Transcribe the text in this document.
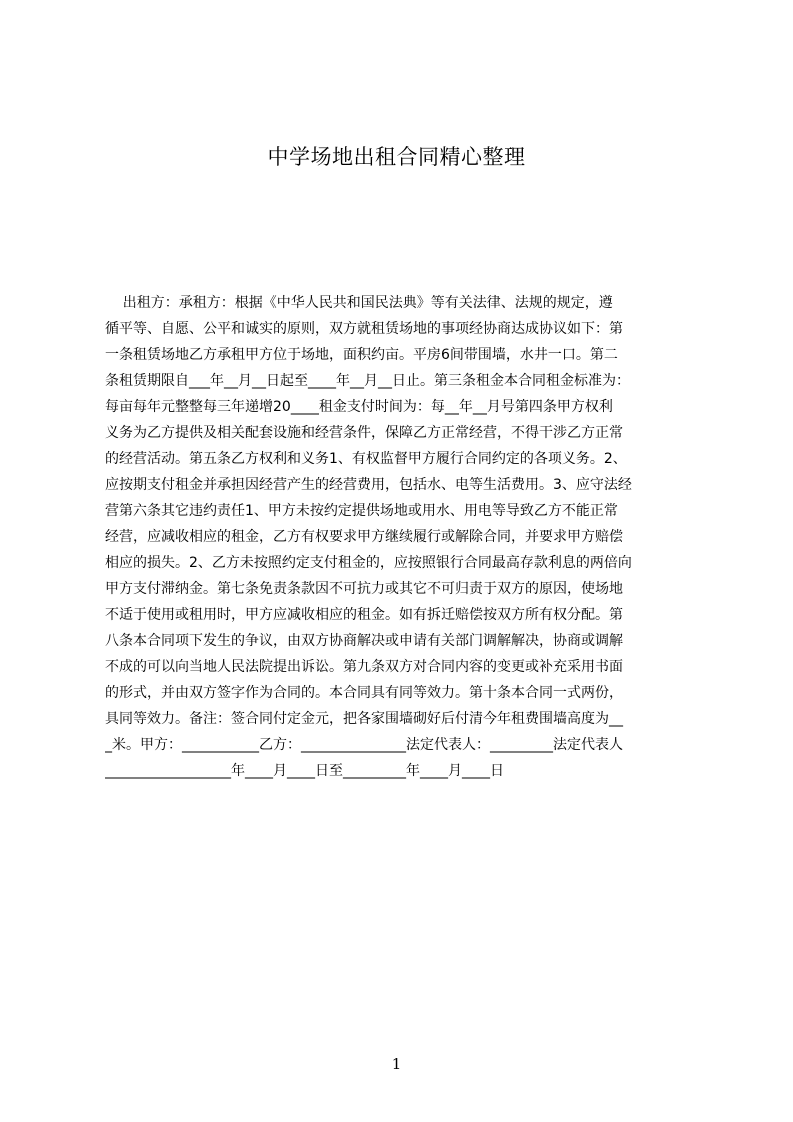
中学场地出租合同精心整理
出租方：承租方：根据《中华人民共和国民法典》等有关法律、法规的规定，遵
循平等、自愿、公平和诚实的原则，双方就租赁场地的事项经协商达成协议如下：第
一条租赁场地乙方承租甲方位于场地，面积约亩。平房6间带围墙，水井一口。第二
条租赁期限自___年__月__日起至____年__月__日止。第三条租金本合同租金标准为：
每亩每年元整整每三年递增20____租金支付时间为：每__年__月号第四条甲方权利
义务为乙方提供及相关配套设施和经营条件，保障乙方正常经营，不得干涉乙方正常
的经营活动。第五条乙方权利和义务1、有权监督甲方履行合同约定的各项义务。2、
应按期支付租金并承担因经营产生的经营费用，包括水、电等生活费用。3、应守法经
营第六条其它违约责任1、甲方未按约定提供场地或用水、用电等导致乙方不能正常
经营，应减收相应的租金，乙方有权要求甲方继续履行或解除合同，并要求甲方赔偿
相应的损失。2、乙方未按照约定支付租金的，应按照银行合同最高存款利息的两倍向
甲方支付滞纳金。第七条免责条款因不可抗力或其它不可归责于双方的原因，使场地
不适于使用或租用时，甲方应减收相应的租金。如有拆迁赔偿按双方所有权分配。第
八条本合同项下发生的争议，由双方协商解决或申请有关部门调解解决，协商或调解
不成的可以向当地人民法院提出诉讼。第九条双方对合同内容的变更或补充采用书面
的形式，并由双方签字作为合同的。本合同具有同等效力。第十条本合同一式两份，
具同等效力。备注：签合同付定金元，把各家围墙砌好后付清今年租费围墙高度为__
_米。甲方：___________乙方：_______________法定代表人：_________法定代表人
__________________年____月____日至_________年____月____日
1
